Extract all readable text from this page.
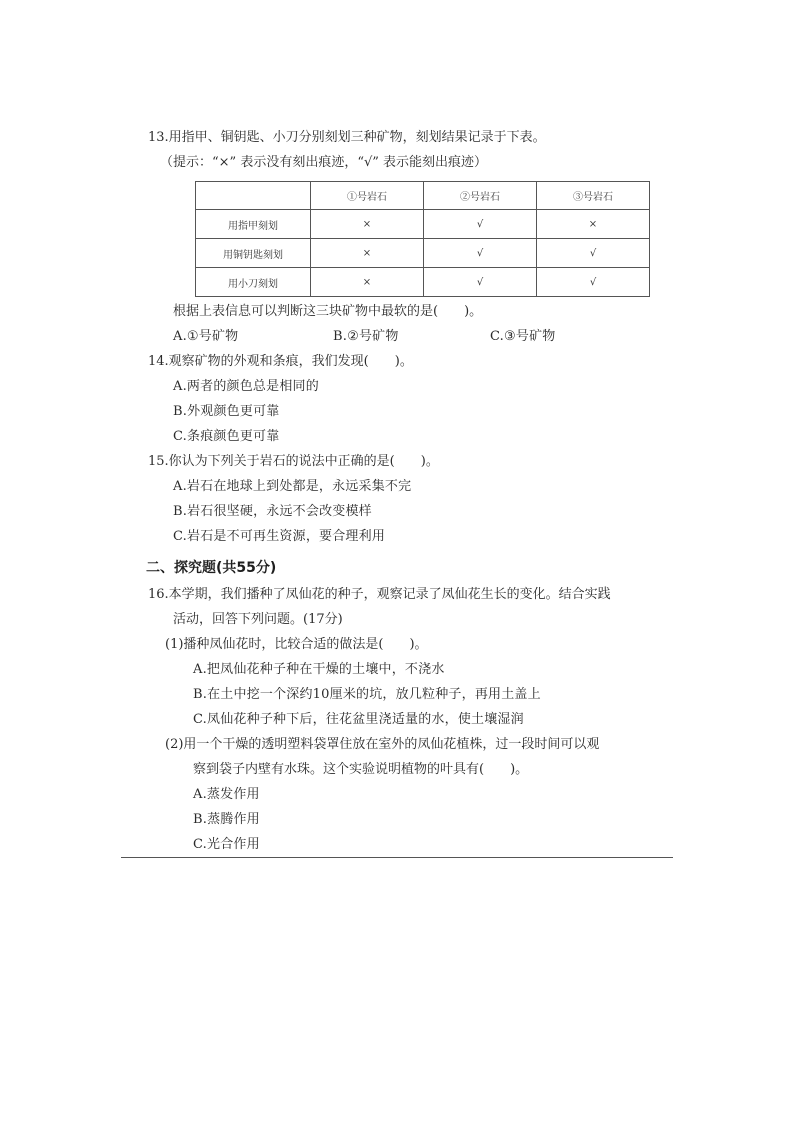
13.用指甲、铜钥匙、小刀分别刻划三种矿物，刻划结果记录于下表。
（提示：“×” 表示没有刻出痕迹，“√” 表示能刻出痕迹）
	①号岩石	②号岩石	③号岩石
用指甲刻划	×	√	×
用铜钥匙刻划	×	√	√
用小刀刻划	×	√	√
根据上表信息可以判断这三块矿物中最软的是(　　)。
A.①号矿物	B.②号矿物	C.③号矿物
14.观察矿物的外观和条痕，我们发现(　　)。
A.两者的颜色总是相同的
B.外观颜色更可靠
C.条痕颜色更可靠
15.你认为下列关于岩石的说法中正确的是(　　)。
A.岩石在地球上到处都是，永远采集不完
B.岩石很坚硬，永远不会改变模样
C.岩石是不可再生资源，要合理利用
二、探究题(共55分)
16.本学期，我们播种了凤仙花的种子，观察记录了凤仙花生长的变化。结合实践
活动，回答下列问题。(17分)
(1)播种凤仙花时，比较合适的做法是(　　)。
A.把凤仙花种子种在干燥的土壤中，不浇水
B.在土中挖一个深约10厘米的坑，放几粒种子，再用土盖上
C.凤仙花种子种下后，往花盆里浇适量的水，使土壤湿润
(2)用一个干燥的透明塑料袋罩住放在室外的凤仙花植株，过一段时间可以观
察到袋子内壁有水珠。这个实验说明植物的叶具有(　　)。
A.蒸发作用
B.蒸腾作用
C.光合作用
